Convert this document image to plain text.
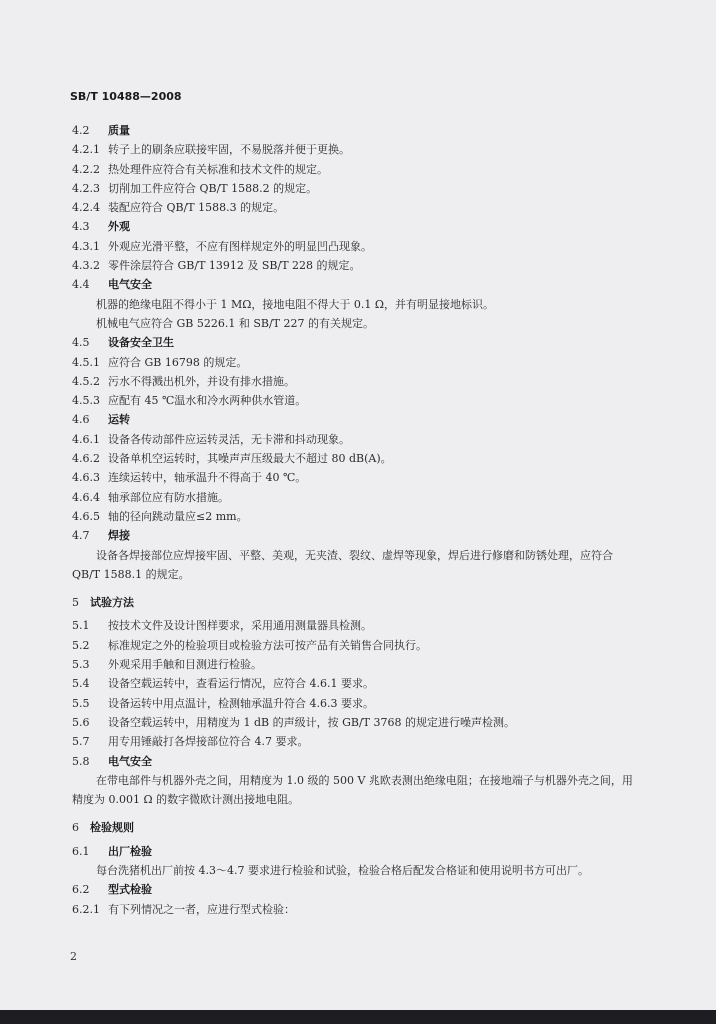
SB/T 10488—2008
4.2 质量
4.2.1 转子上的刷条应联接牢固，不易脱落并便于更换。
4.2.2 热处理件应符合有关标准和技术文件的规定。
4.2.3 切削加工件应符合 QB/T 1588.2 的规定。
4.2.4 装配应符合 QB/T 1588.3 的规定。
4.3 外观
4.3.1 外观应光滑平整，不应有图样规定外的明显凹凸现象。
4.3.2 零件涂层符合 GB/T 13912 及 SB/T 228 的规定。
4.4 电气安全
机器的绝缘电阻不得小于 1 MΩ，接地电阻不得大于 0.1 Ω，并有明显接地标识。
机械电气应符合 GB 5226.1 和 SB/T 227 的有关规定。
4.5 设备安全卫生
4.5.1 应符合 GB 16798 的规定。
4.5.2 污水不得溅出机外，并设有排水措施。
4.5.3 应配有 45 ℃温水和冷水两种供水管道。
4.6 运转
4.6.1 设备各传动部件应运转灵活，无卡滞和抖动现象。
4.6.2 设备单机空运转时，其噪声声压级最大不超过 80 dB(A)。
4.6.3 连续运转中，轴承温升不得高于 40 ℃。
4.6.4 轴承部位应有防水措施。
4.6.5 轴的径向跳动量应≤2 mm。
4.7 焊接
设备各焊接部位应焊接牢固、平整、美观，无夹渣、裂纹、虚焊等现象，焊后进行修磨和防锈处理，应符合 QB/T 1588.1 的规定。
5 试验方法
5.1 按技术文件及设计图样要求，采用通用测量器具检测。
5.2 标准规定之外的检验项目或检验方法可按产品有关销售合同执行。
5.3 外观采用手触和目测进行检验。
5.4 设备空载运转中，查看运行情况，应符合 4.6.1 要求。
5.5 设备运转中用点温计，检测轴承温升符合 4.6.3 要求。
5.6 设备空载运转中，用精度为 1 dB 的声级计，按 GB/T 3768 的规定进行噪声检测。
5.7 用专用锤敲打各焊接部位符合 4.7 要求。
5.8 电气安全
在带电部件与机器外壳之间，用精度为 1.0 级的 500 V 兆欧表测出绝缘电阻；在接地端子与机器外壳之间，用精度为 0.001 Ω 的数字微欧计测出接地电阻。
6 检验规则
6.1 出厂检验
每台洗猪机出厂前按 4.3～4.7 要求进行检验和试验，检验合格后配发合格证和使用说明书方可出厂。
6.2 型式检验
6.2.1 有下列情况之一者，应进行型式检验：
2
